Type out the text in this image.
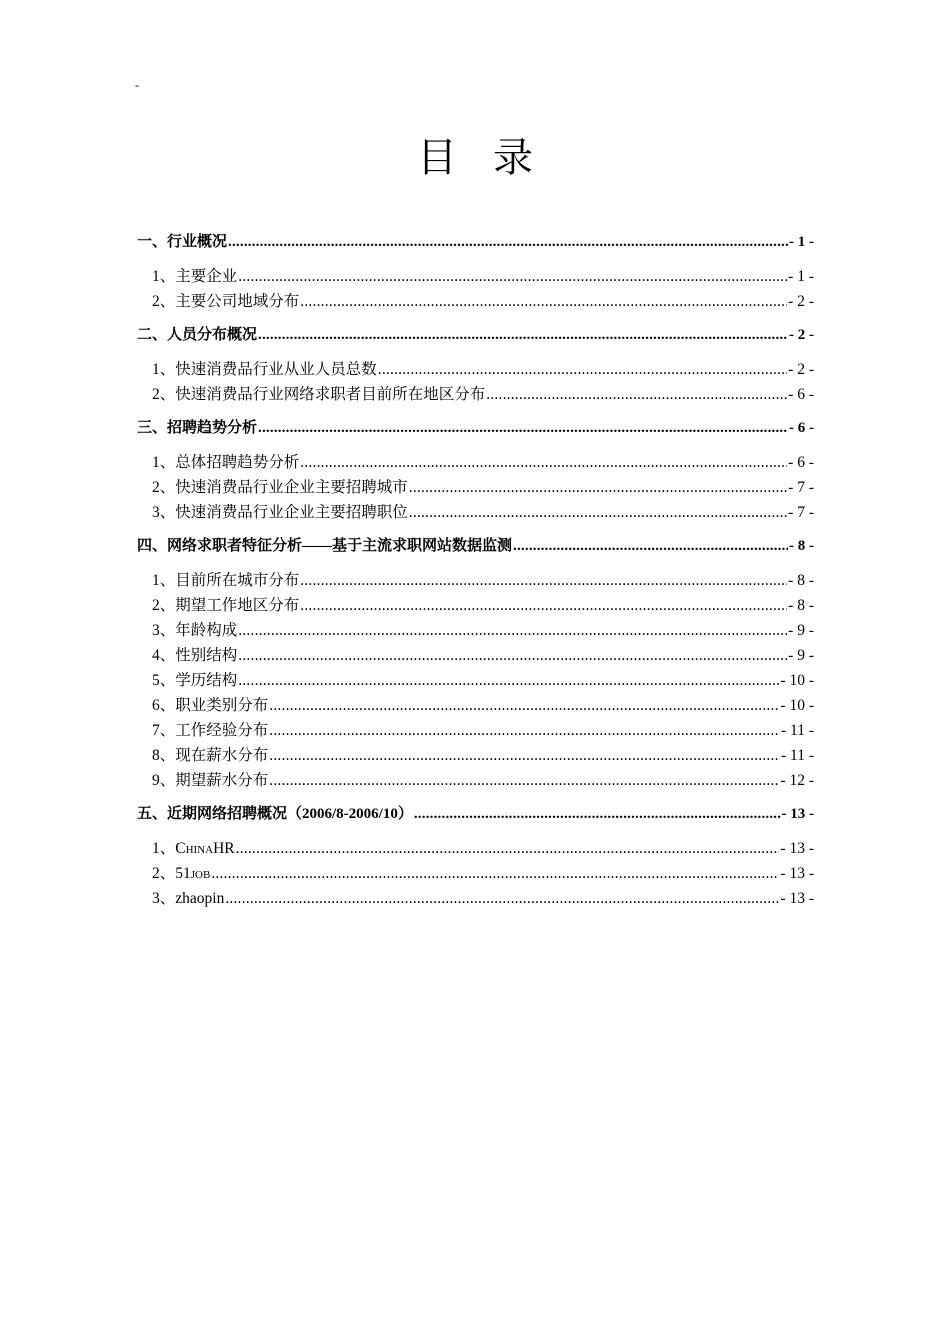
-
目录
一、行业概况 .....	- 1 -
1、主要企业 .....	- 1 -
2、主要公司地域分布 .....	- 2 -
二、人员分布概况 .....	- 2 -
1、快速消费品行业从业人员总数 .....	- 2 -
2、快速消费品行业网络求职者目前所在地区分布 .....	- 6 -
三、招聘趋势分析 .....	- 6 -
1、总体招聘趋势分析 .....	- 6 -
2、快速消费品行业企业主要招聘城市 .....	- 7 -
3、快速消费品行业企业主要招聘职位 .....	- 7 -
四、网络求职者特征分析——基于主流求职网站数据监测 .....	- 8 -
1、目前所在城市分布 .....	- 8 -
2、期望工作地区分布 .....	- 8 -
3、年龄构成 .....	- 9 -
4、性别结构 .....	- 9 -
5、学历结构 .....	- 10 -
6、职业类别分布 .....	- 10 -
7、工作经验分布 .....	- 11 -
8、现在薪水分布 .....	- 11 -
9、期望薪水分布 .....	- 12 -
五、近期网络招聘概况（2006/8-2006/10） .....	- 13 -
1、ChinaHR .....	- 13 -
2、51job .....	- 13 -
3、zhaopin .....	- 13 -
